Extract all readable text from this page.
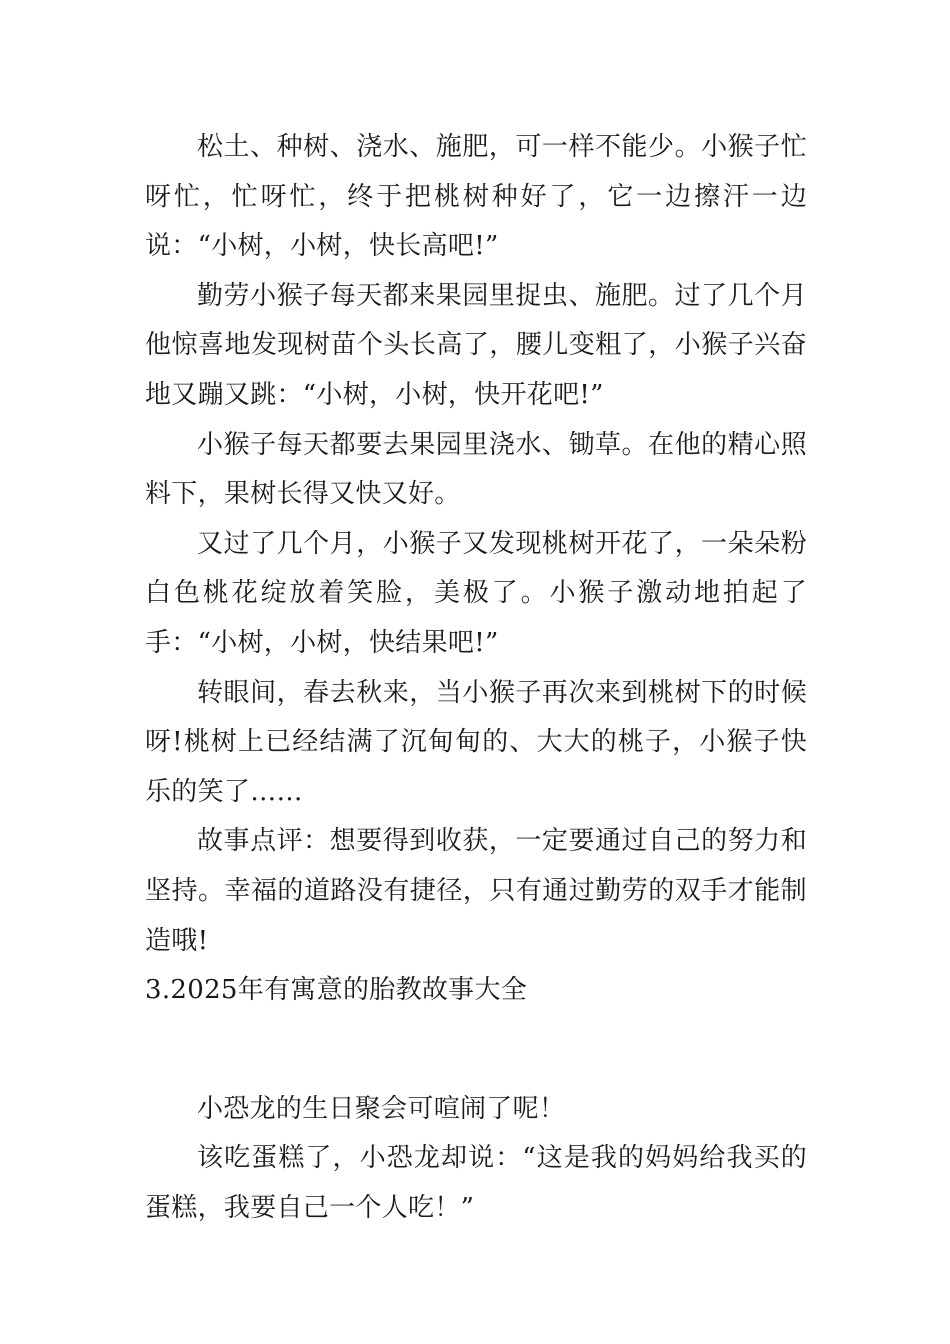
松土、种树、浇水、施肥，可一样不能少。小猴子忙呀忙，忙呀忙，终于把桃树种好了，它一边擦汗一边说：“小树，小树，快长高吧!”

勤劳小猴子每天都来果园里捉虫、施肥。过了几个月他惊喜地发现树苗个头长高了，腰儿变粗了，小猴子兴奋地又蹦又跳：“小树，小树，快开花吧!”

小猴子每天都要去果园里浇水、锄草。在他的精心照料下，果树长得又快又好。

又过了几个月，小猴子又发现桃树开花了，一朵朵粉白色桃花绽放着笑脸，美极了。小猴子激动地拍起了手：“小树，小树，快结果吧!”

转眼间，春去秋来，当小猴子再次来到桃树下的时候呀!桃树上已经结满了沉甸甸的、大大的桃子，小猴子快乐的笑了……

故事点评：想要得到收获，一定要通过自己的努力和坚持。幸福的道路没有捷径，只有通过勤劳的双手才能制造哦!

3.2025年有寓意的胎教故事大全

小恐龙的生日聚会可喧闹了呢！

该吃蛋糕了，小恐龙却说：“这是我的妈妈给我买的蛋糕，我要自己一个人吃！”
